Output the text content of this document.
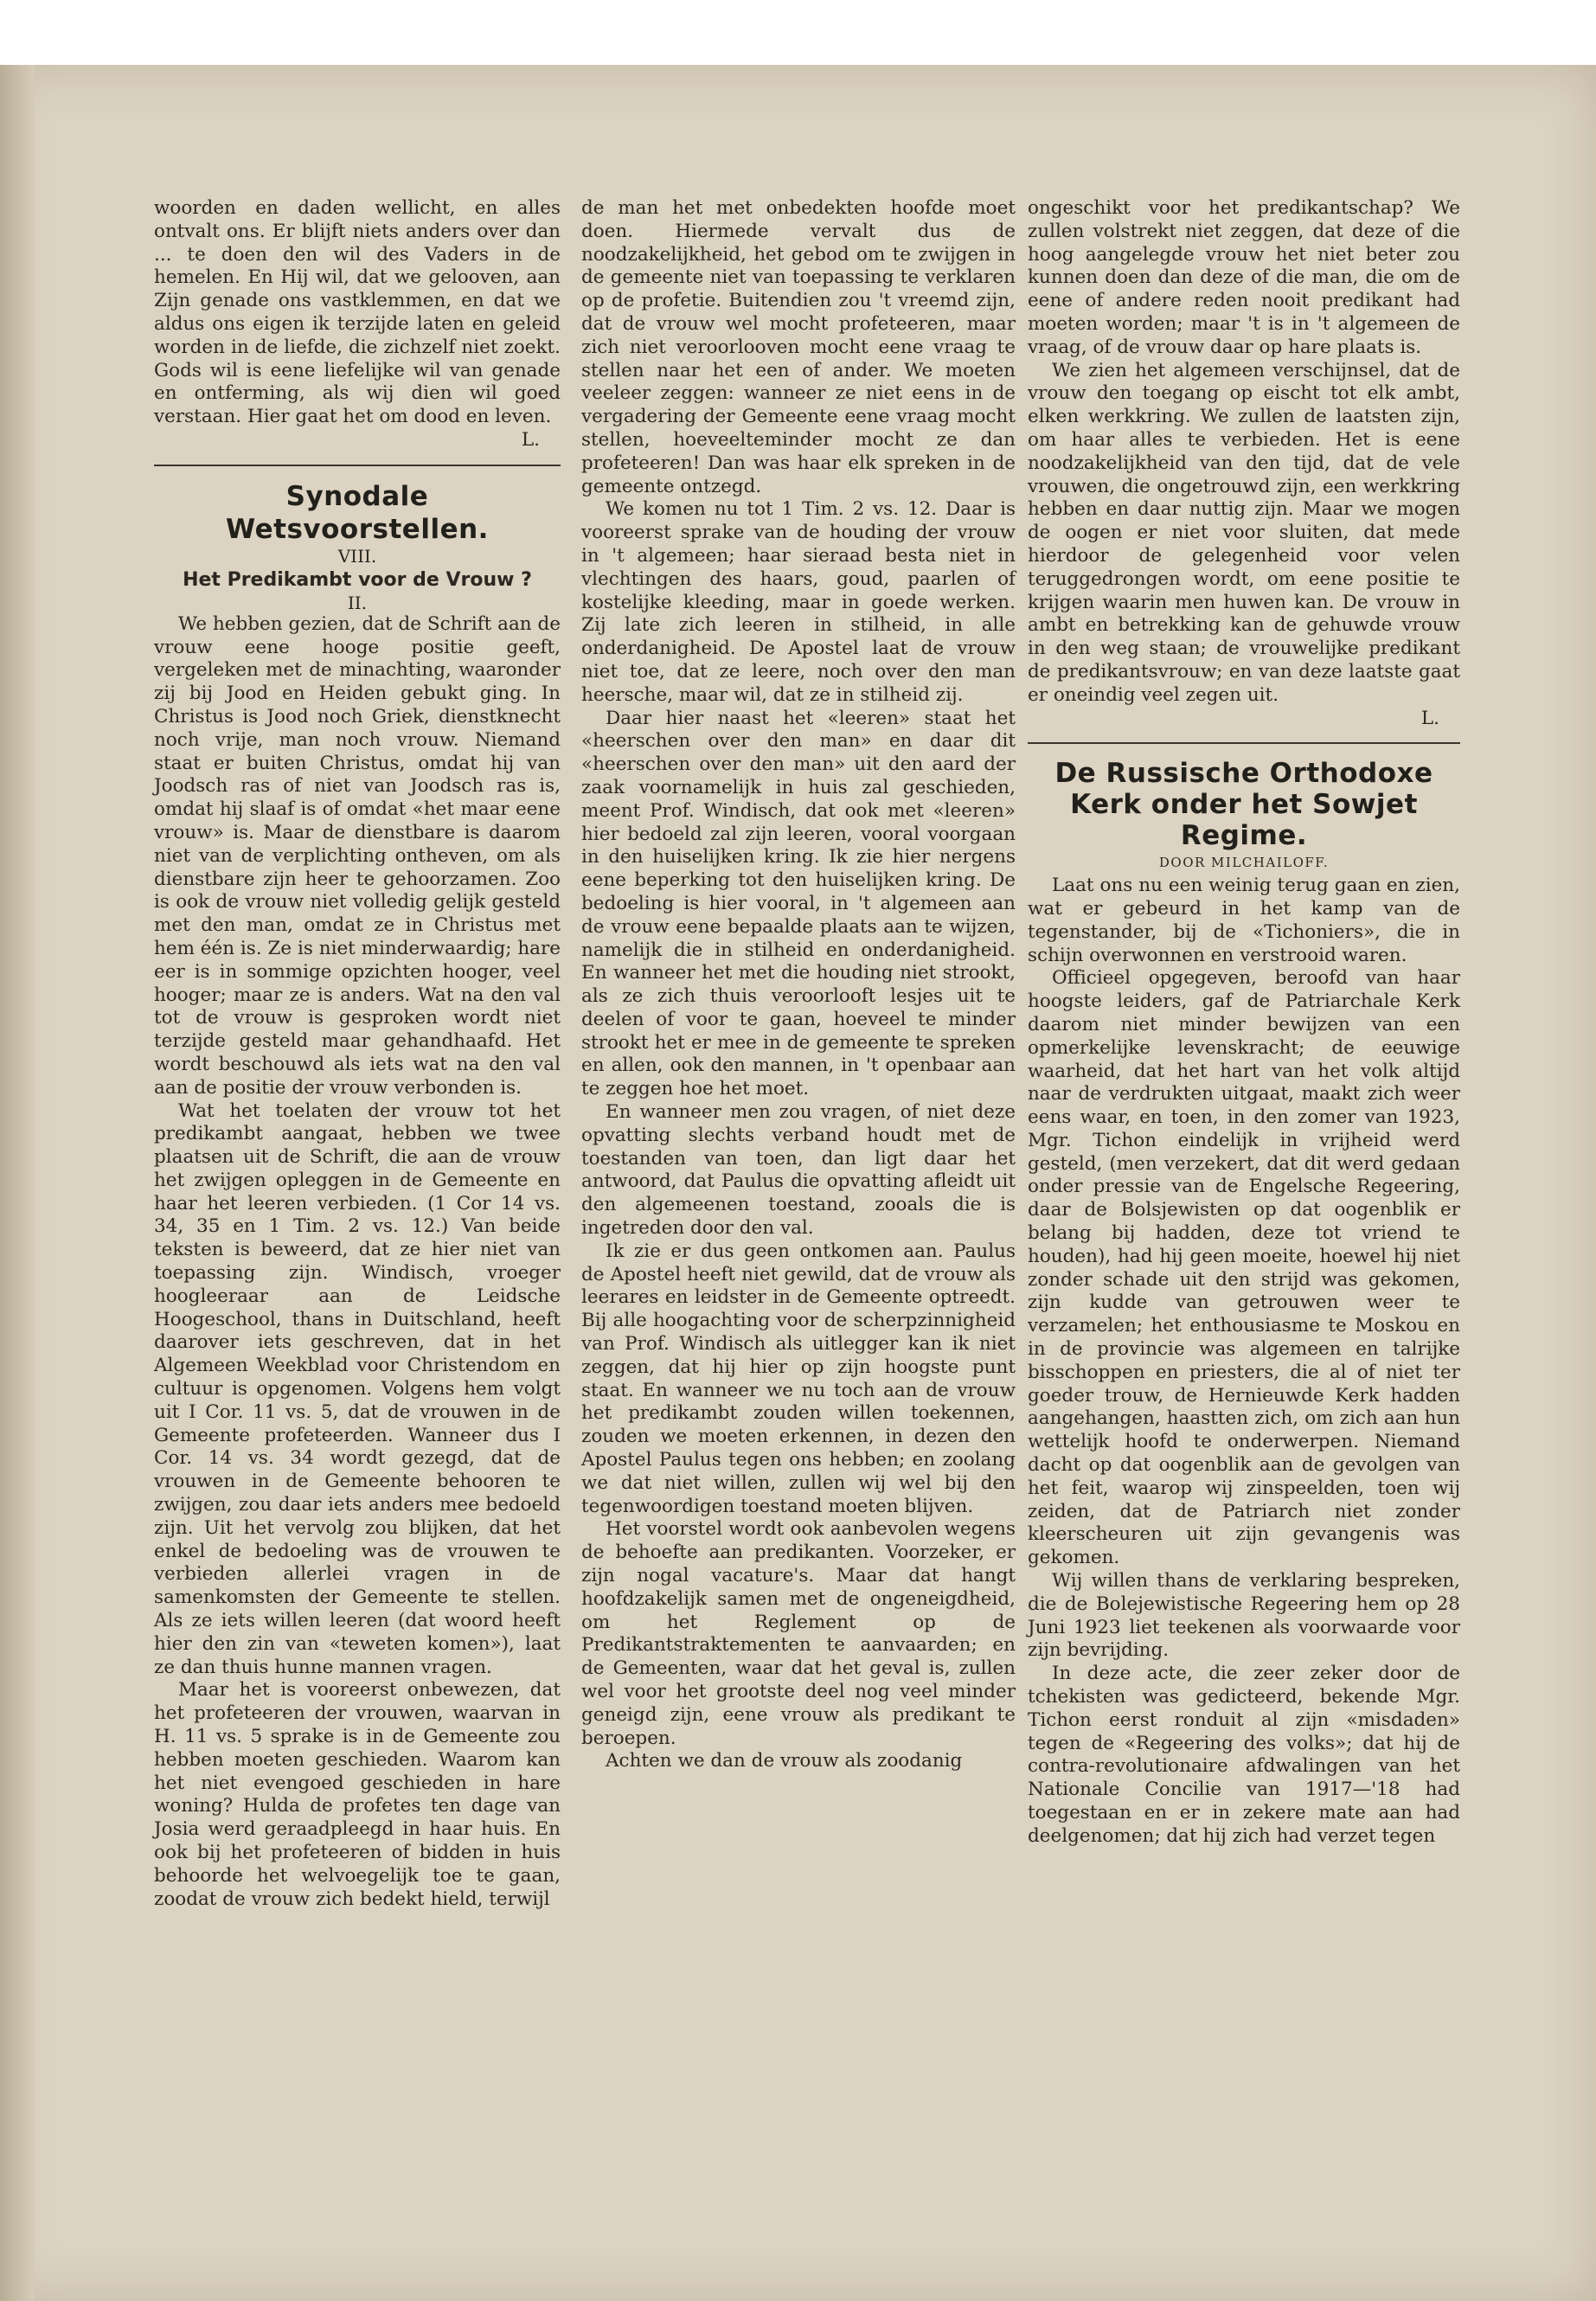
woorden en daden wellicht, en alles ontvalt ons. Er blijft niets anders over dan ... te doen den wil des Vaders in de hemelen. En Hij wil, dat we gelooven, aan Zijn genade ons vastklemmen, en dat we aldus ons eigen ik terzijde laten en geleid worden in de liefde, die zichzelf niet zoekt. Gods wil is eene liefelijke wil van genade en ontferming, als wij dien wil goed verstaan. Hier gaat het om dood en leven.

L.

Synodale Wetsvoorstellen.

VIII.

Het Predikambt voor de Vrouw ?

II.

We hebben gezien, dat de Schrift aan de vrouw eene hooge positie geeft, vergeleken met de minachting, waaronder zij bij Jood en Heiden gebukt ging. In Christus is Jood noch Griek, dienstknecht noch vrije, man noch vrouw. Niemand staat er buiten Christus, omdat hij van Joodsch ras of niet van Joodsch ras is, omdat hij slaaf is of omdat «het maar eene vrouw» is. Maar de dienstbare is daarom niet van de verplichting ontheven, om als dienstbare zijn heer te gehoorzamen. Zoo is ook de vrouw niet volledig gelijk gesteld met den man, omdat ze in Christus met hem één is. Ze is niet minderwaardig; hare eer is in sommige opzichten hooger, veel hooger; maar ze is anders. Wat na den val tot de vrouw is gesproken wordt niet terzijde gesteld maar gehandhaafd. Het wordt beschouwd als iets wat na den val aan de positie der vrouw verbonden is.

Wat het toelaten der vrouw tot het predikambt aangaat, hebben we twee plaatsen uit de Schrift, die aan de vrouw het zwijgen opleggen in de Gemeente en haar het leeren verbieden. (1 Cor 14 vs. 34, 35 en 1 Tim. 2 vs. 12.) Van beide teksten is beweerd, dat ze hier niet van toepassing zijn. Windisch, vroeger hoogleeraar aan de Leidsche Hoogeschool, thans in Duitschland, heeft daarover iets geschreven, dat in het Algemeen Weekblad voor Christendom en cultuur is opgenomen. Volgens hem volgt uit I Cor. 11 vs. 5, dat de vrouwen in de Gemeente profeteerden. Wanneer dus I Cor. 14 vs. 34 wordt gezegd, dat de vrouwen in de Gemeente behooren te zwijgen, zou daar iets anders mee bedoeld zijn. Uit het vervolg zou blijken, dat het enkel de bedoeling was de vrouwen te verbieden allerlei vragen in de samenkomsten der Gemeente te stellen. Als ze iets willen leeren (dat woord heeft hier den zin van «teweten komen»), laat ze dan thuis hunne mannen vragen.

Maar het is vooreerst onbewezen, dat het profeteeren der vrouwen, waarvan in H. 11 vs. 5 sprake is in de Gemeente zou hebben moeten geschieden. Waarom kan het niet evengoed geschieden in hare woning? Hulda de profetes ten dage van Josia werd geraadpleegd in haar huis. En ook bij het profeteeren of bidden in huis behoorde het welvoegelijk toe te gaan, zoodat de vrouw zich bedekt hield, terwijl

de man het met onbedekten hoofde moet doen. Hiermede vervalt dus de noodzakelijkheid, het gebod om te zwijgen in de gemeente niet van toepassing te verklaren op de profetie. Buitendien zou 't vreemd zijn, dat de vrouw wel mocht profeteeren, maar zich niet veroorlooven mocht eene vraag te stellen naar het een of ander. We moeten veeleer zeggen: wanneer ze niet eens in de vergadering der Gemeente eene vraag mocht stellen, hoeveelteminder mocht ze dan profeteeren! Dan was haar elk spreken in de gemeente ontzegd.

We komen nu tot 1 Tim. 2 vs. 12. Daar is vooreerst sprake van de houding der vrouw in 't algemeen; haar sieraad besta niet in vlechtingen des haars, goud, paarlen of kostelijke kleeding, maar in goede werken. Zij late zich leeren in stilheid, in alle onderdanigheid. De Apostel laat de vrouw niet toe, dat ze leere, noch over den man heersche, maar wil, dat ze in stilheid zij.

Daar hier naast het «leeren» staat het «heerschen over den man» en daar dit «heerschen over den man» uit den aard der zaak voornamelijk in huis zal geschieden, meent Prof. Windisch, dat ook met «leeren» hier bedoeld zal zijn leeren, vooral voorgaan in den huiselijken kring. Ik zie hier nergens eene beperking tot den huiselijken kring. De bedoeling is hier vooral, in 't algemeen aan de vrouw eene bepaalde plaats aan te wijzen, namelijk die in stilheid en onderdanigheid. En wanneer het met die houding niet strookt, als ze zich thuis veroorlooft lesjes uit te deelen of voor te gaan, hoeveel te minder strookt het er mee in de gemeente te spreken en allen, ook den mannen, in 't openbaar aan te zeggen hoe het moet.

En wanneer men zou vragen, of niet deze opvatting slechts verband houdt met de toestanden van toen, dan ligt daar het antwoord, dat Paulus die opvatting afleidt uit den algemeenen toestand, zooals die is ingetreden door den val.

Ik zie er dus geen ontkomen aan. Paulus de Apostel heeft niet gewild, dat de vrouw als leerares en leidster in de Gemeente optreedt. Bij alle hoogachting voor de scherpzinnigheid van Prof. Windisch als uitlegger kan ik niet zeggen, dat hij hier op zijn hoogste punt staat. En wanneer we nu toch aan de vrouw het predikambt zouden willen toekennen, zouden we moeten erkennen, in dezen den Apostel Paulus tegen ons hebben; en zoolang we dat niet willen, zullen wij wel bij den tegenwoordigen toestand moeten blijven.

Het voorstel wordt ook aanbevolen wegens de behoefte aan predikanten. Voorzeker, er zijn nogal vacature's. Maar dat hangt hoofdzakelijk samen met de ongeneigdheid, om het Reglement op de Predikantstraktementen te aanvaarden; en de Gemeenten, waar dat het geval is, zullen wel voor het grootste deel nog veel minder geneigd zijn, eene vrouw als predikant te beroepen.

Achten we dan de vrouw als zoodanig

ongeschikt voor het predikantschap? We zullen volstrekt niet zeggen, dat deze of die hoog aangelegde vrouw het niet beter zou kunnen doen dan deze of die man, die om de eene of andere reden nooit predikant had moeten worden; maar 't is in 't algemeen de vraag, of de vrouw daar op hare plaats is.

We zien het algemeen verschijnsel, dat de vrouw den toegang op eischt tot elk ambt, elken werkkring. We zullen de laatsten zijn, om haar alles te verbieden. Het is eene noodzakelijkheid van den tijd, dat de vele vrouwen, die ongetrouwd zijn, een werkkring hebben en daar nuttig zijn. Maar we mogen de oogen er niet voor sluiten, dat mede hierdoor de gelegenheid voor velen teruggedrongen wordt, om eene positie te krijgen waarin men huwen kan. De vrouw in ambt en betrekking kan de gehuwde vrouw in den weg staan; de vrouwelijke predikant de predikantsvrouw; en van deze laatste gaat er oneindig veel zegen uit.

L.

De Russische Orthodoxe Kerk onder het Sowjet Regime.

DOOR MILCHAILOFF.

Laat ons nu een weinig terug gaan en zien, wat er gebeurd in het kamp van de tegenstander, bij de «Tichoniers», die in schijn overwonnen en verstrooid waren.

Officieel opgegeven, beroofd van haar hoogste leiders, gaf de Patriarchale Kerk daarom niet minder bewijzen van een opmerkelijke levenskracht; de eeuwige waarheid, dat het hart van het volk altijd naar de verdrukten uitgaat, maakt zich weer eens waar, en toen, in den zomer van 1923, Mgr. Tichon eindelijk in vrijheid werd gesteld, (men verzekert, dat dit werd gedaan onder pressie van de Engelsche Regeering, daar de Bolsjewisten op dat oogenblik er belang bij hadden, deze tot vriend te houden), had hij geen moeite, hoewel hij niet zonder schade uit den strijd was gekomen, zijn kudde van getrouwen weer te verzamelen; het enthousiasme te Moskou en in de provincie was algemeen en talrijke bisschoppen en priesters, die al of niet ter goeder trouw, de Hernieuwde Kerk hadden aangehangen, haastten zich, om zich aan hun wettelijk hoofd te onderwerpen. Niemand dacht op dat oogenblik aan de gevolgen van het feit, waarop wij zinspeelden, toen wij zeiden, dat de Patriarch niet zonder kleerscheuren uit zijn gevangenis was gekomen.

Wij willen thans de verklaring bespreken, die de Bolejewistische Regeering hem op 28 Juni 1923 liet teekenen als voorwaarde voor zijn bevrijding.

In deze acte, die zeer zeker door de tchekisten was gedicteerd, bekende Mgr. Tichon eerst ronduit al zijn «misdaden» tegen de «Regeering des volks»; dat hij de contra-revolutionaire afdwalingen van het Nationale Concilie van 1917—'18 had toegestaan en er in zekere mate aan had deelgenomen; dat hij zich had verzet tegen
